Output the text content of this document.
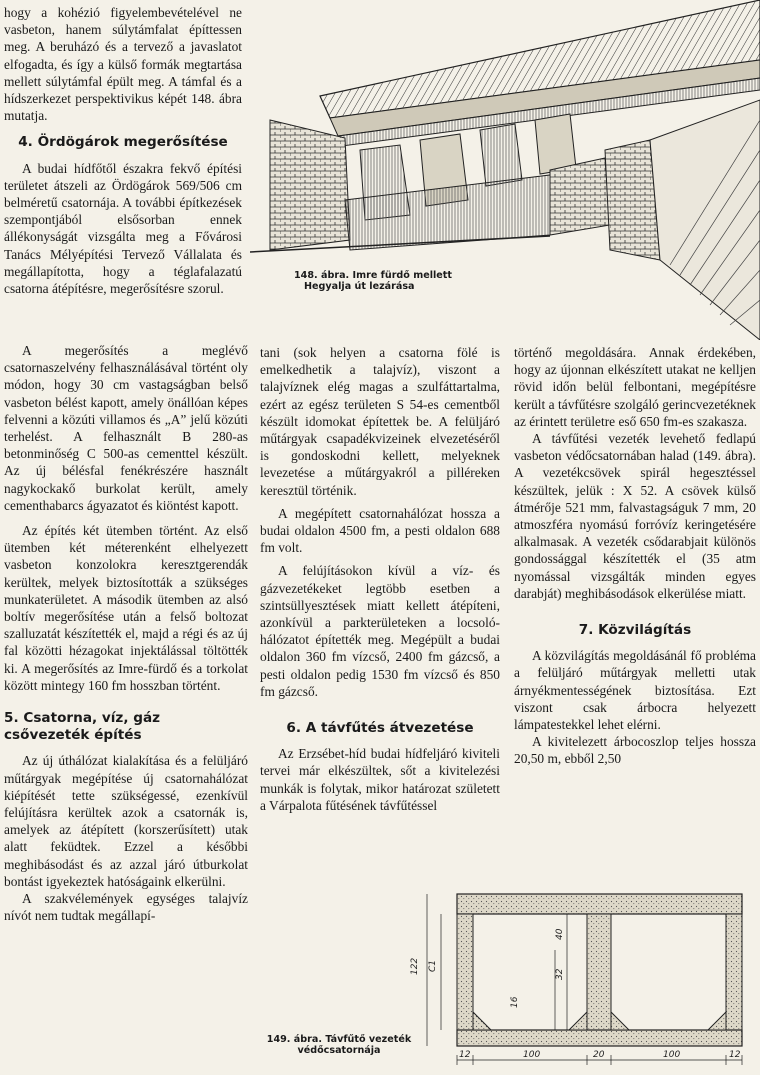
hogy a kohézió figyelembevételével ne vasbeton, hanem súlytámfalat építtessen meg. A beruházó és a tervező a javaslatot elfogadta, és így a külső formák megtartása mellett súlytámfal épült meg. A támfal és a hídszerkezet perspektivikus képét 148. ábra mutatja.

4. Ördögárok megerősítése

A budai hídfőtől északra fekvő építési területet átszeli az Ördögárok 569/506 cm belméretű csatornája. A további építkezések szempontjából elsősorban ennek állékonyságát vizsgálta meg a Fővárosi Tanács Mélyépítési Tervező Vállalata és megállapította, hogy a téglafalazatú csatorna átépítésre, megerősítésre szorul.

A megerősítés a meglévő csatornaszelvény felhasználásával történt oly módon, hogy 30 cm vastagságban belső vasbeton bélést kapott, amely önállóan képes felvenni a közúti villamos és „A” jelű közúti terhelést. A felhasznált B 280-as betonminőség C 500-as cementtel készült. Az új bélésfal fenékrészére használt nagykockakő burkolat került, amely cementhabarcs ágyazatot és kiöntést kapott.

Az építés két ütemben történt. Az első ütemben két méterenként elhelyezett vasbeton konzolokra keresztgerendák kerültek, melyek biztosították a szükséges munkaterületet. A második ütemben az alsó boltív megerősítése után a felső boltozat szalluzatát készítették el, majd a régi és az új fal közötti hézagokat injektálással töltötték ki. A megerősítés az Imre-fürdő és a torkolat között mintegy 160 fm hosszban történt.

5. Csatorna, víz, gáz csővezeték építés

Az új úthálózat kialakítása és a felüljáró műtárgyak megépítése új csatornahálózat kiépítését tette szükségessé, ezenkívül felújításra kerültek azok a csatornák is, amelyek az átépített (korszerűsített) utak alatt feküdtek. Ezzel a későbbi meghibásodást és az azzal járó útburkolat bontást igyekeztek hatóságaink elkerülni.

A szakvélemények egységes talajvíz nívót nem tudtak megállapí-

tani (sok helyen a csatorna fölé is emelkedhetik a talajvíz), viszont a talajvíznek elég magas a szulfáttartalma, ezért az egész területen S 54-es cementből készült idomokat építettek be. A felüljáró műtárgyak csapadékvizeinek elvezetéséről is gondoskodni kellett, melyeknek levezetése a műtárgyakról a pilléreken keresztül történik.

A megépített csatornahálózat hossza a budai oldalon 4500 fm, a pesti oldalon 688 fm volt.

A felújításokon kívül a víz- és gázvezetékeket legtöbb esetben a szintsüllyesztések miatt kellett átépíteni, azonkívül a parkterületeken a locsoló-hálózatot építették meg. Megépült a budai oldalon 360 fm vízcső, 2400 fm gázcső, a pesti oldalon pedig 1530 fm vízcső és 850 fm gázcső.

6. A távfűtés átvezetése

Az Erzsébet-híd budai hídfeljáró kiviteli tervei már elkészültek, sőt a kivitelezési munkák is folytak, mikor határozat született a Várpalota fűtésének távfűtéssel

történő megoldására. Annak érdekében, hogy az újonnan elkészített utakat ne kelljen rövid időn belül felbontani, megépítésre került a távfűtésre szolgáló gerincvezetéknek az érintett területre eső 650 fm-es szakasza.

A távfűtési vezeték levehető fedlapú vasbeton védőcsatornában halad (149. ábra). A vezetékcsövek spirál hegesztéssel készültek, jelük : X 52. A csövek külső átmérője 521 mm, falvastagságuk 7 mm, 20 atmoszféra nyomású forróvíz keringetésére alkalmasak. A vezeték csődarabjait különös gondossággal készítették el (35 atm nyomással vizsgálták minden egyes darabját) meghibásodások elkerülése miatt.

7. Közvilágítás

A közvilágítás megoldásánál fő probléma a felüljáró műtárgyak melletti utak árnyékmentességének biztosítása. Ezt viszont csak árbocra helyezett lámpatestekkel lehet elérni.

A kivitelezett árbocoszlop teljes hossza 20,50 m, ebből 2,50

148. ábra. Imre fürdő mellett
Hegyalja út lezárása
122 C1
40
32
16
12	100	20	100	12
149. ábra. Távfűtő vezeték
védőcsatornája
